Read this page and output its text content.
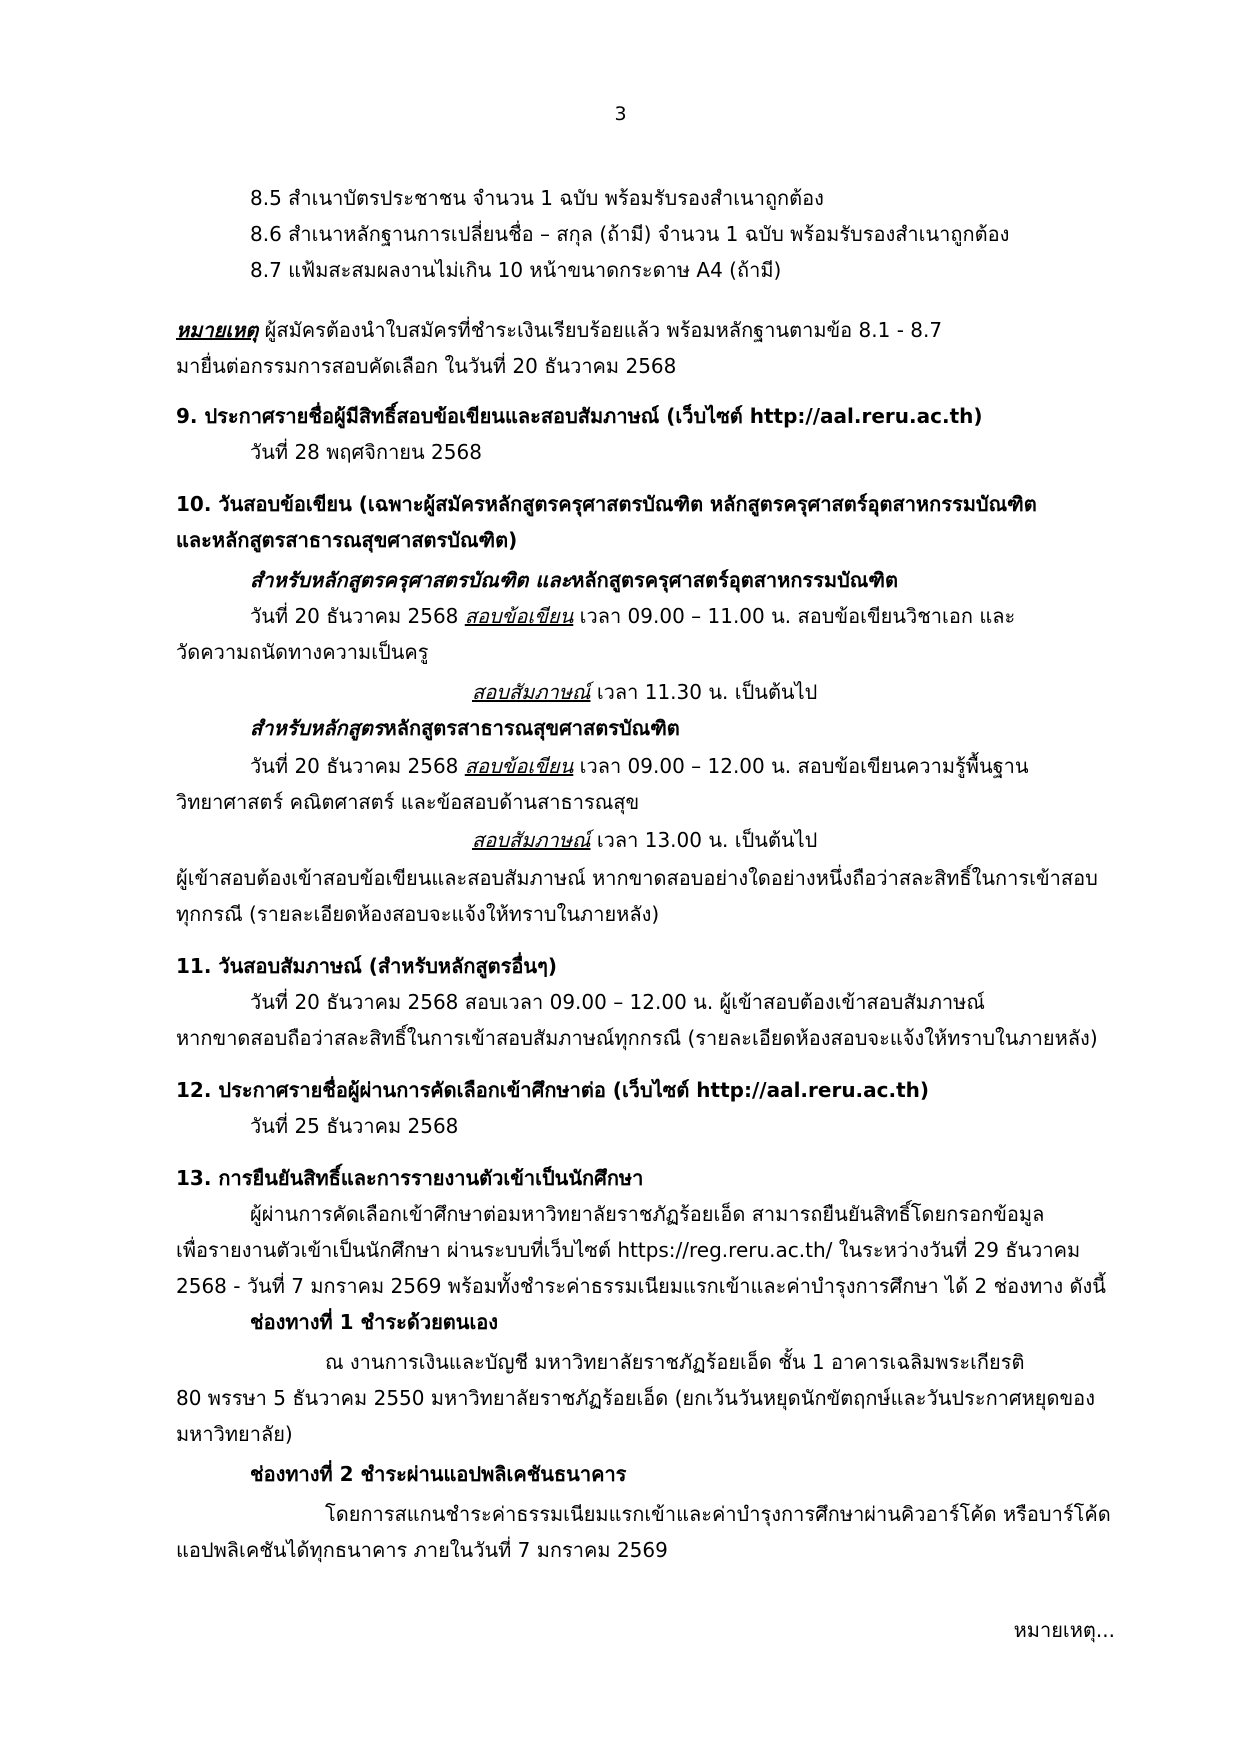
3
8.5 สำเนาบัตรประชาชน จำนวน 1 ฉบับ พร้อมรับรองสำเนาถูกต้อง
8.6 สำเนาหลักฐานการเปลี่ยนชื่อ – สกุล (ถ้ามี) จำนวน 1 ฉบับ พร้อมรับรองสำเนาถูกต้อง
8.7 แฟ้มสะสมผลงานไม่เกิน 10 หน้าขนาดกระดาษ A4 (ถ้ามี)
หมายเหตุ ผู้สมัครต้องนำใบสมัครที่ชำระเงินเรียบร้อยแล้ว พร้อมหลักฐานตามข้อ 8.1 - 8.7
มายื่นต่อกรรมการสอบคัดเลือก ในวันที่ 20 ธันวาคม 2568
9. ประกาศรายชื่อผู้มีสิทธิ์สอบข้อเขียนและสอบสัมภาษณ์ (เว็บไซต์ http://aal.reru.ac.th)
วันที่ 28 พฤศจิกายน 2568
10. วันสอบข้อเขียน (เฉพาะผู้สมัครหลักสูตรครุศาสตรบัณฑิต หลักสูตรครุศาสตร์อุตสาหกรรมบัณฑิต
และหลักสูตรสาธารณสุขศาสตรบัณฑิต)
สำหรับหลักสูตรครุศาสตรบัณฑิต และหลักสูตรครุศาสตร์อุตสาหกรรมบัณฑิต
วันที่ 20 ธันวาคม 2568 สอบข้อเขียน เวลา 09.00 – 11.00 น. สอบข้อเขียนวิชาเอก และ
วัดความถนัดทางความเป็นครู
สอบสัมภาษณ์ เวลา 11.30 น. เป็นต้นไป
สำหรับหลักสูตรหลักสูตรสาธารณสุขศาสตรบัณฑิต
วันที่ 20 ธันวาคม 2568 สอบข้อเขียน เวลา 09.00 – 12.00 น. สอบข้อเขียนความรู้พื้นฐาน
วิทยาศาสตร์ คณิตศาสตร์ และข้อสอบด้านสาธารณสุข
สอบสัมภาษณ์ เวลา 13.00 น. เป็นต้นไป
ผู้เข้าสอบต้องเข้าสอบข้อเขียนและสอบสัมภาษณ์ หากขาดสอบอย่างใดอย่างหนึ่งถือว่าสละสิทธิ์ในการเข้าสอบ
ทุกกรณี (รายละเอียดห้องสอบจะแจ้งให้ทราบในภายหลัง)
11. วันสอบสัมภาษณ์ (สำหรับหลักสูตรอื่นๆ)
วันที่ 20 ธันวาคม 2568 สอบเวลา 09.00 – 12.00 น. ผู้เข้าสอบต้องเข้าสอบสัมภาษณ์
หากขาดสอบถือว่าสละสิทธิ์ในการเข้าสอบสัมภาษณ์ทุกกรณี (รายละเอียดห้องสอบจะแจ้งให้ทราบในภายหลัง)
12. ประกาศรายชื่อผู้ผ่านการคัดเลือกเข้าศึกษาต่อ (เว็บไซต์ http://aal.reru.ac.th)
วันที่ 25 ธันวาคม 2568
13. การยืนยันสิทธิ์และการรายงานตัวเข้าเป็นนักศึกษา
ผู้ผ่านการคัดเลือกเข้าศึกษาต่อมหาวิทยาลัยราชภัฏร้อยเอ็ด สามารถยืนยันสิทธิ์โดยกรอกข้อมูล
เพื่อรายงานตัวเข้าเป็นนักศึกษา ผ่านระบบที่เว็บไซต์ https://reg.reru.ac.th/ ในระหว่างวันที่ 29 ธันวาคม
2568 - วันที่ 7 มกราคม 2569 พร้อมทั้งชำระค่าธรรมเนียมแรกเข้าและค่าบำรุงการศึกษา ได้ 2 ช่องทาง ดังนี้
ช่องทางที่ 1 ชำระด้วยตนเอง
ณ งานการเงินและบัญชี มหาวิทยาลัยราชภัฏร้อยเอ็ด ชั้น 1 อาคารเฉลิมพระเกียรติ
80 พรรษา 5 ธันวาคม 2550 มหาวิทยาลัยราชภัฏร้อยเอ็ด (ยกเว้นวันหยุดนักขัตฤกษ์และวันประกาศหยุดของ
มหาวิทยาลัย)
ช่องทางที่ 2 ชำระผ่านแอปพลิเคชันธนาคาร
โดยการสแกนชำระค่าธรรมเนียมแรกเข้าและค่าบำรุงการศึกษาผ่านคิวอาร์โค้ด หรือบาร์โค้ด
แอปพลิเคชันได้ทุกธนาคาร ภายในวันที่ 7 มกราคม 2569
หมายเหตุ...
